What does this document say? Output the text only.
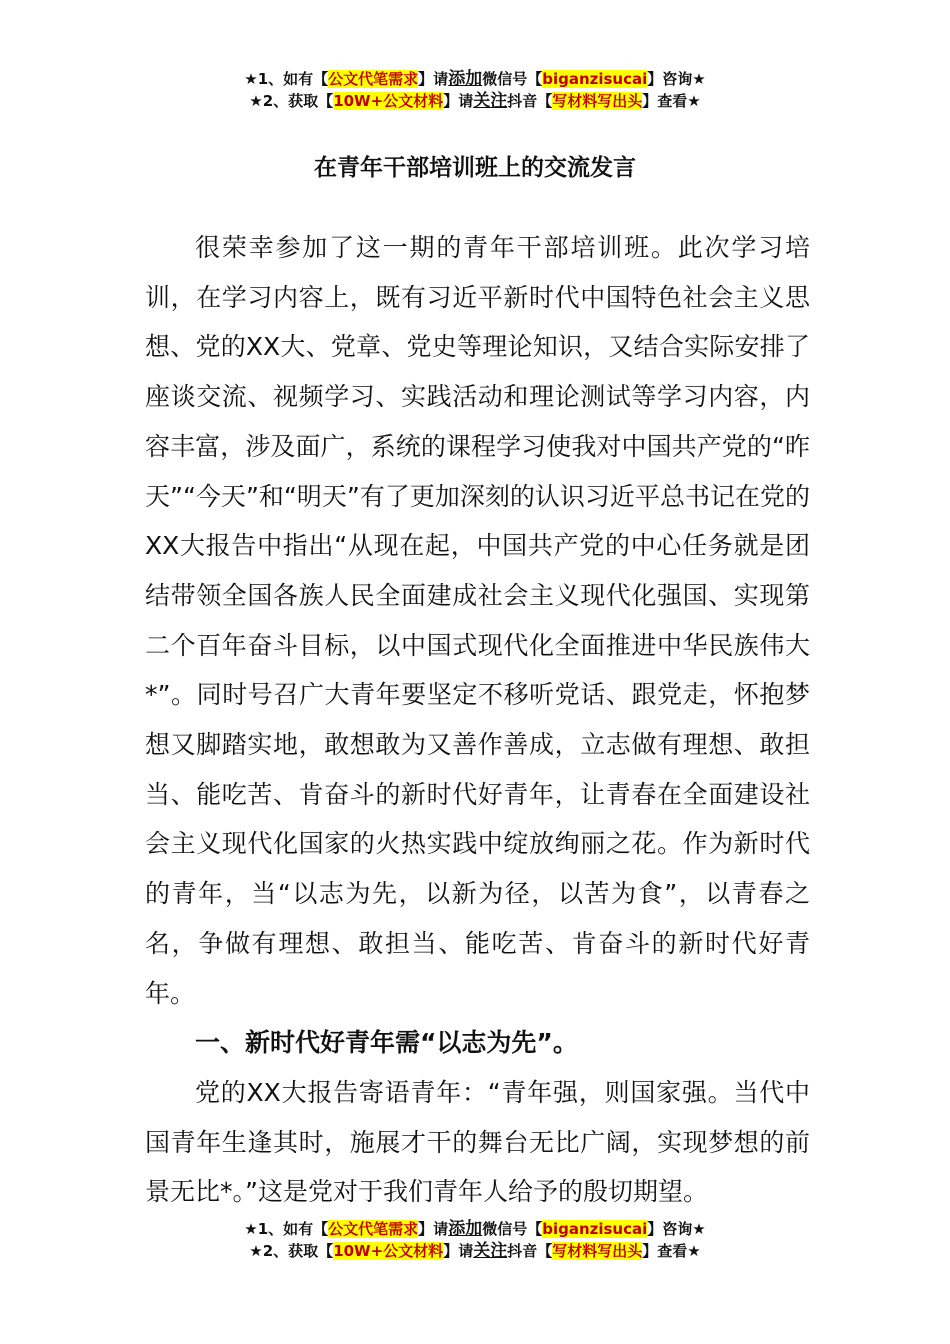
★1、如有【公文代笔需求】请添加微信号【biganzisucai】咨询★
★2、获取【10W+公文材料】请关注抖音【写材料写出头】查看★
在青年干部培训班上的交流发言

很荣幸参加了这一期的青年干部培训班。此次学习培训，在学习内容上，既有习近平新时代中国特色社会主义思想、党的XX大、党章、党史等理论知识，又结合实际安排了座谈交流、视频学习、实践活动和理论测试等学习内容，内容丰富，涉及面广，系统的课程学习使我对中国共产党的“昨天”“今天”和“明天”有了更加深刻的认识习近平总书记在党的XX大报告中指出“从现在起，中国共产党的中心任务就是团结带领全国各族人民全面建成社会主义现代化强国、实现第二个百年奋斗目标，以中国式现代化全面推进中华民族伟大*”。同时号召广大青年要坚定不移听党话、跟党走，怀抱梦想又脚踏实地，敢想敢为又善作善成，立志做有理想、敢担当、能吃苦、肯奋斗的新时代好青年，让青春在全面建设社会主义现代化国家的火热实践中绽放绚丽之花。作为新时代的青年，当“以志为先，以新为径，以苦为食”，以青春之名，争做有理想、敢担当、能吃苦、肯奋斗的新时代好青年。

一、新时代好青年需“以志为先”。

党的XX大报告寄语青年：“青年强，则国家强。当代中国青年生逢其时，施展才干的舞台无比广阔，实现梦想的前景无比*。”这是党对于我们青年人给予的殷切期望。

★1、如有【公文代笔需求】请添加微信号【biganzisucai】咨询★
★2、获取【10W+公文材料】请关注抖音【写材料写出头】查看★
